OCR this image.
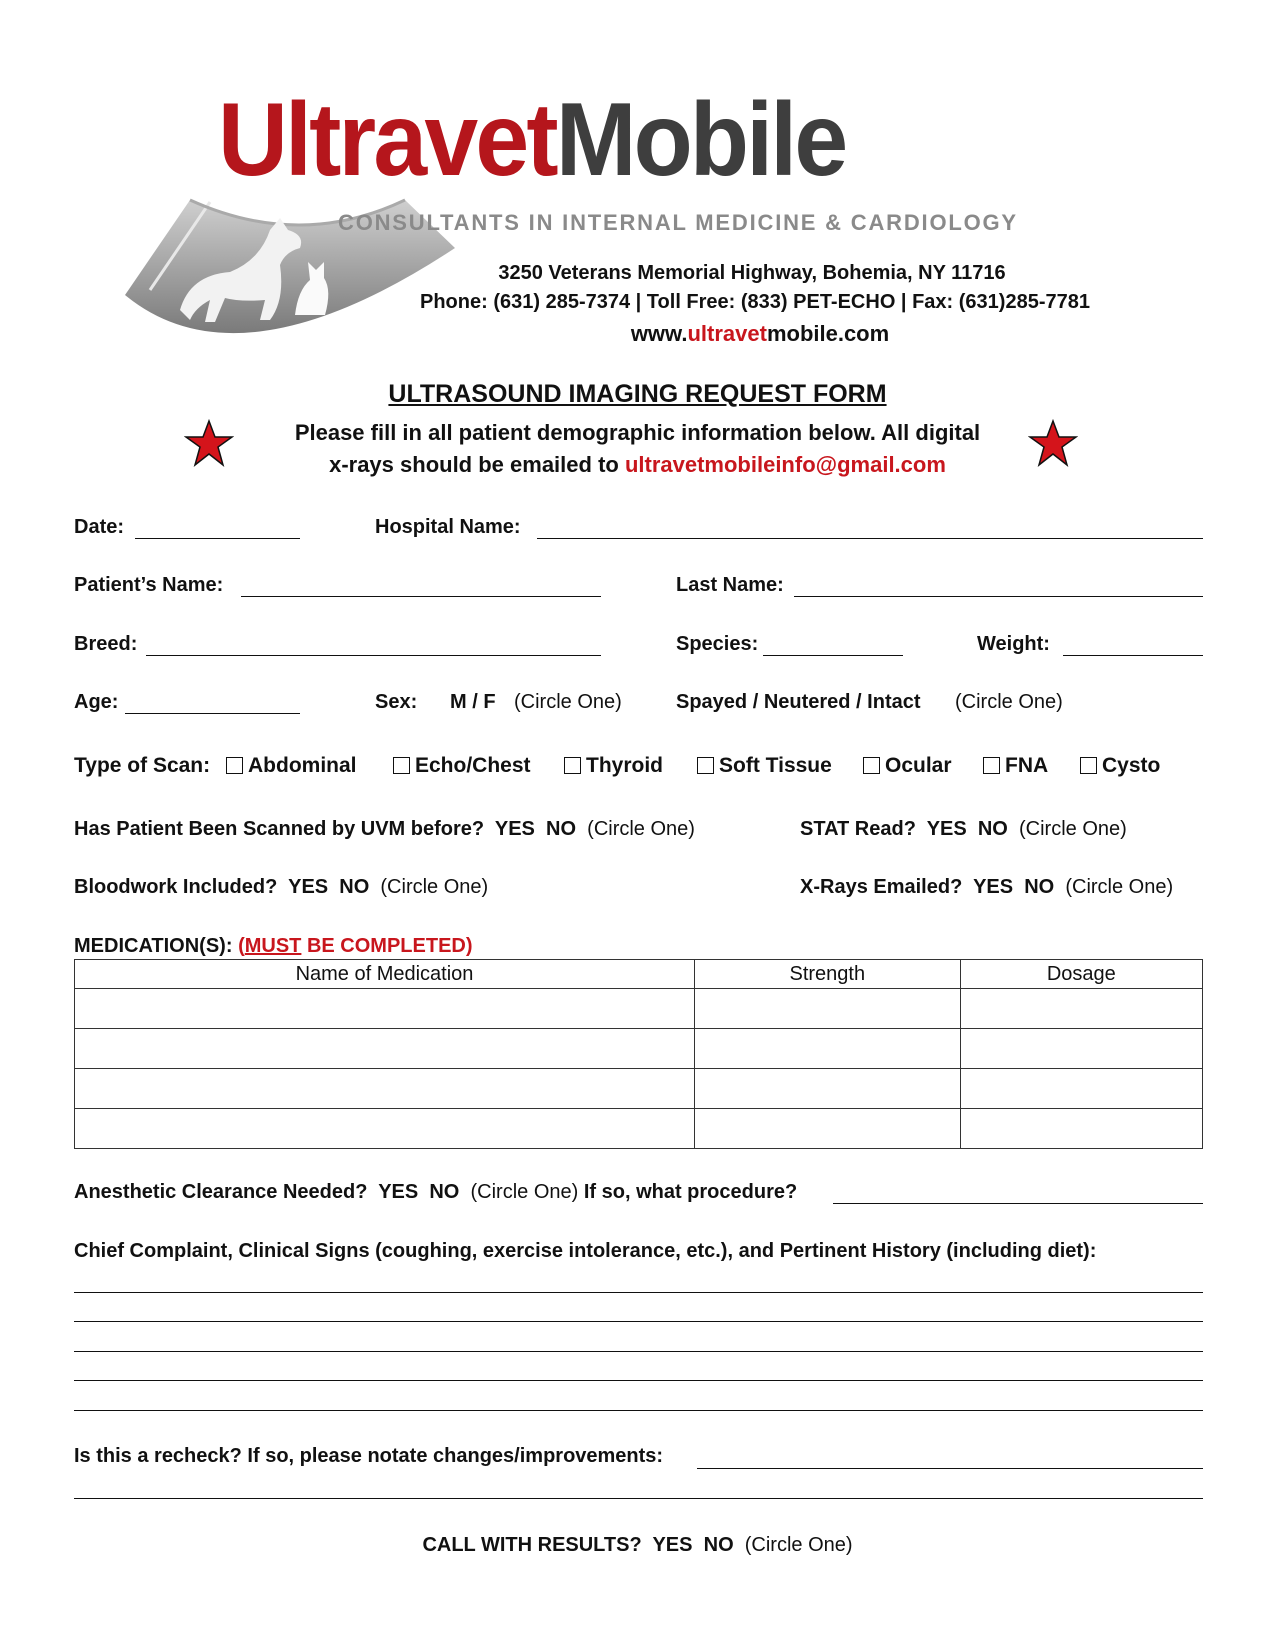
UltravetMobile
CONSULTANTS IN INTERNAL MEDICINE & CARDIOLOGY
3250 Veterans Memorial Highway, Bohemia, NY 11716
Phone: (631) 285-7374 | Toll Free: (833) PET-ECHO | Fax: (631)285-7781
www.ultravetmobile.com
ULTRASOUND IMAGING REQUEST FORM
Please fill in all patient demographic information below. All digital
x-rays should be emailed to ultravetmobileinfo@gmail.com
Date:	Hospital Name:
Patient’s Name:	Last Name:
Breed:	Species:	Weight:
Age:	Sex: M / F (Circle One)	Spayed / Neutered / Intact (Circle One)
Type of Scan:	Abdominal	Echo/Chest	Thyroid	Soft Tissue	Ocular	FNA	Cysto
Has Patient Been Scanned by UVM before? YES NO (Circle One)	STAT Read? YES NO (Circle One)
Bloodwork Included? YES NO (Circle One)	X-Rays Emailed? YES NO (Circle One)
MEDICATION(S): (MUST BE COMPLETED)
Name of Medication	Strength	Dosage

Anesthetic Clearance Needed? YES NO (Circle One) If so, what procedure?
Chief Complaint, Clinical Signs (coughing, exercise intolerance, etc.), and Pertinent History (including diet):
Is this a recheck? If so, please notate changes/improvements:
CALL WITH RESULTS? YES NO (Circle One)
